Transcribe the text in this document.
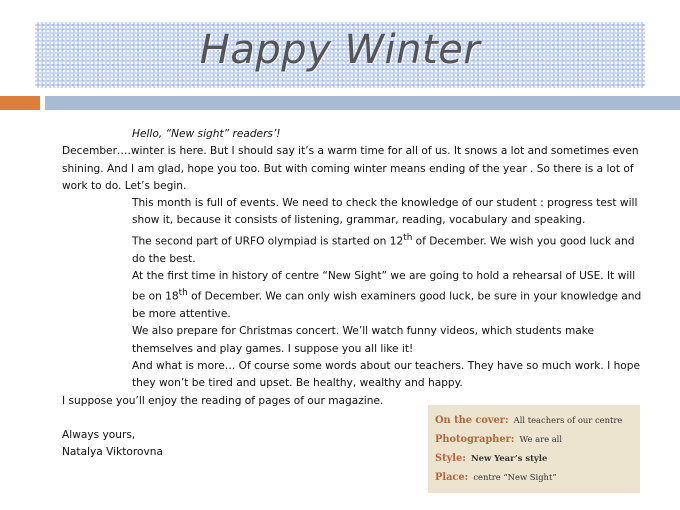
Happy Winter

Hello, “New sight” readers’!

December….winter is here. But I should say it’s a warm time for all of us. It snows a lot and sometimes even shining. And I am glad, hope you too. But with coming winter means ending of the year . So there is a lot of work to do. Let’s begin.

This month is full of events. We need to check the knowledge of our student : progress test will show it, because it consists of listening, grammar, reading, vocabulary and speaking.

The second part of URFO olympiad is started on 12th of December. We wish you good luck and do the best.

At the first time in history of centre “New Sight” we are going to hold a rehearsal of USE. It will be on 18th of December. We can only wish examiners good luck, be sure in your knowledge and be more attentive.

We also prepare for Christmas concert. We’ll watch funny videos, which students make themselves and play games. I suppose you all like it!

And what is more… Of course some words about our teachers. They have so much work. I hope they won’t be tired and upset. Be healthy, wealthy and happy.

I suppose you’ll enjoy the reading of pages of our magazine.

Always yours,

Natalya Viktorovna

On the cover: All teachers of our centre
Photographer: We are all
Style: New Year’s style
Place: centre “New Sight”
